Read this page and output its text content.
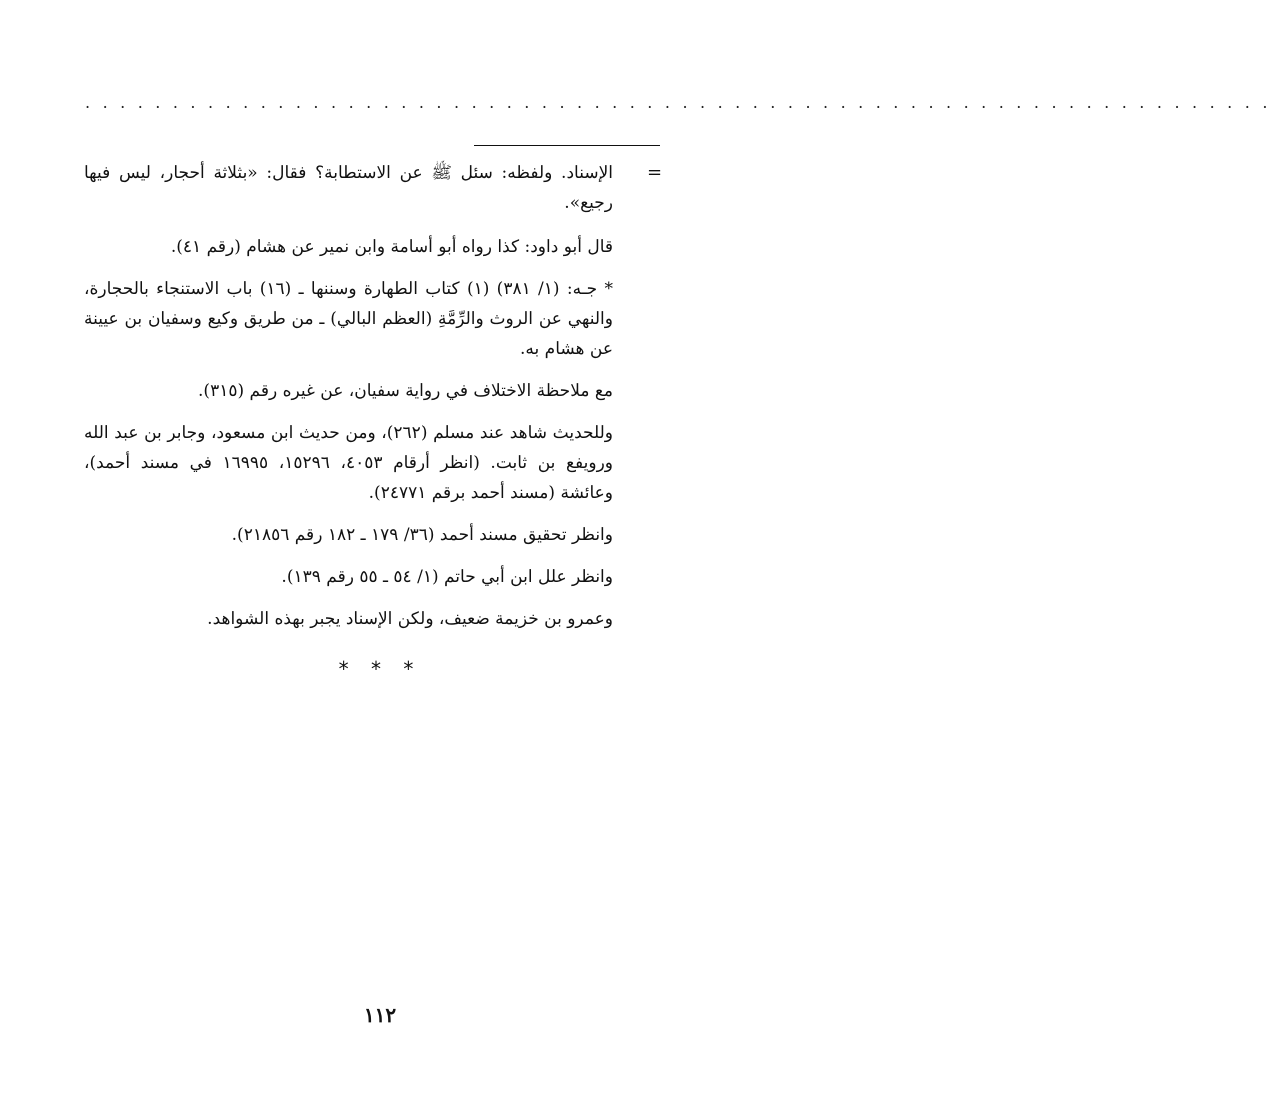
. . . . . . . . . . . . . . . . . . . . . . . . . . . . . . . . . . . . . . . . . . . . . . . . . . . . . . . . . . . . . . . . . . . .
=

الإسناد. ولفظه: سئل ﷺ عن الاستطابة؟ فقال: «بثلاثة أحجار، ليس فيها رجيع».

قال أبو داود: كذا رواه أبو أسامة وابن نمير عن هشام (رقم ٤١).

* جـه: (١/ ٣٨١) (١) كتاب الطهارة وسننها ـ (١٦) باب الاستنجاء بالحجارة، والنهي عن الروث والرِّمَّةِ (العظم البالي) ـ من طريق وكيع وسفيان بن عيينة عن هشام به.

مع ملاحظة الاختلاف في رواية سفيان، عن غيره رقم (٣١٥).

وللحديث شاهد عند مسلم (٢٦٢)، ومن حديث ابن مسعود، وجابر بن عبد الله ورويفع بن ثابت. (انظر أرقام ٤٠٥٣، ١٥٢٩٦، ١٦٩٩٥ في مسند أحمد)، وعائشة (مسند أحمد برقم ٢٤٧٧١).

وانظر تحقيق مسند أحمد (٣٦/ ١٧٩ ـ ١٨٢ رقم ٢١٨٥٦).

وانظر علل ابن أبي حاتم (١/ ٥٤ ـ ٥٥ رقم ١٣٩).

وعمرو بن خزيمة ضعيف، ولكن الإسناد يجبر بهذه الشواهد.

* * *
١١٢
